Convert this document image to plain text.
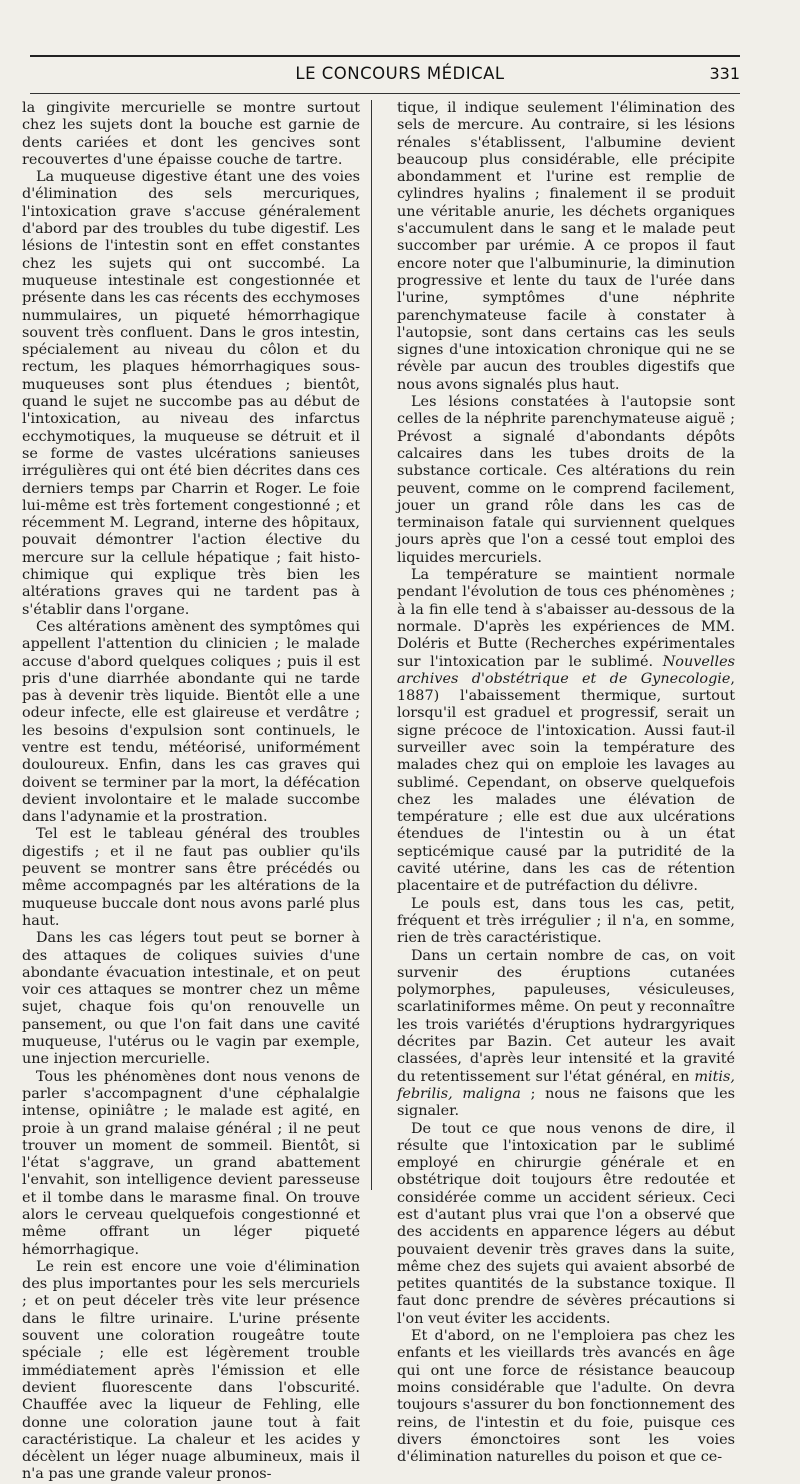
LE CONCOURS MÉDICAL	331

la gingivite mercurielle se montre surtout chez les sujets dont la bouche est garnie de dents cariées et dont les gencives sont recouvertes d'une épaisse couche de tartre.

La muqueuse digestive étant une des voies d'élimination des sels mercuriques, l'intoxication grave s'accuse généralement d'abord par des troubles du tube digestif. Les lésions de l'intestin sont en effet constantes chez les sujets qui ont succombé. La muqueuse intestinale est congestionnée et présente dans les cas récents des ecchymoses nummulaires, un piqueté hémorrhagique souvent très confluent. Dans le gros intestin, spécialement au niveau du côlon et du rectum, les plaques hémorrhagiques sous-muqueuses sont plus étendues ; bientôt, quand le sujet ne succombe pas au début de l'intoxication, au niveau des infarctus ecchymotiques, la muqueuse se détruit et il se forme de vastes ulcérations sanieuses irrégulières qui ont été bien décrites dans ces derniers temps par Charrin et Roger. Le foie lui-même est très fortement congestionné ; et récemment M. Legrand, interne des hôpitaux, pouvait démontrer l'action élective du mercure sur la cellule hépatique ; fait histo-chimique qui explique très bien les altérations graves qui ne tardent pas à s'établir dans l'organe.

Ces altérations amènent des symptômes qui appellent l'attention du clinicien ; le malade accuse d'abord quelques coliques ; puis il est pris d'une diarrhée abondante qui ne tarde pas à devenir très liquide. Bientôt elle a une odeur infecte, elle est glaireuse et verdâtre ; les besoins d'expulsion sont continuels, le ventre est tendu, météorisé, uniformément douloureux. Enfin, dans les cas graves qui doivent se terminer par la mort, la défécation devient involontaire et le malade succombe dans l'adynamie et la prostration.

Tel est le tableau général des troubles digestifs ; et il ne faut pas oublier qu'ils peuvent se montrer sans être précédés ou même accompagnés par les altérations de la muqueuse buccale dont nous avons parlé plus haut.

Dans les cas légers tout peut se borner à des attaques de coliques suivies d'une abondante évacuation intestinale, et on peut voir ces attaques se montrer chez un même sujet, chaque fois qu'on renouvelle un pansement, ou que l'on fait dans une cavité muqueuse, l'utérus ou le vagin par exemple, une injection mercurielle.

Tous les phénomènes dont nous venons de parler s'accompagnent d'une céphalalgie intense, opiniâtre ; le malade est agité, en proie à un grand malaise général ; il ne peut trouver un moment de sommeil. Bientôt, si l'état s'aggrave, un grand abattement l'envahit, son intelligence devient paresseuse et il tombe dans le marasme final. On trouve alors le cerveau quelquefois congestionné et même offrant un léger piqueté hémorrhagique.

Le rein est encore une voie d'élimination des plus importantes pour les sels mercuriels ; et on peut déceler très vite leur présence dans le filtre urinaire. L'urine présente souvent une coloration rougeâtre toute spéciale ; elle est légèrement trouble immédiatement après l'émission et elle devient fluorescente dans l'obscurité. Chauffée avec la liqueur de Fehling, elle donne une coloration jaune tout à fait caractéristique. La chaleur et les acides y décèlent un léger nuage albumineux, mais il n'a pas une grande valeur pronos-

tique, il indique seulement l'élimination des sels de mercure. Au contraire, si les lésions rénales s'établissent, l'albumine devient beaucoup plus considérable, elle précipite abondamment et l'urine est remplie de cylindres hyalins ; finalement il se produit une véritable anurie, les déchets organiques s'accumulent dans le sang et le malade peut succomber par urémie. A ce propos il faut encore noter que l'albuminurie, la diminution progressive et lente du taux de l'urée dans l'urine, symptômes d'une néphrite parenchymateuse facile à constater à l'autopsie, sont dans certains cas les seuls signes d'une intoxication chronique qui ne se révèle par aucun des troubles digestifs que nous avons signalés plus haut.

Les lésions constatées à l'autopsie sont celles de la néphrite parenchymateuse aiguë ; Prévost a signalé d'abondants dépôts calcaires dans les tubes droits de la substance corticale. Ces altérations du rein peuvent, comme on le comprend facilement, jouer un grand rôle dans les cas de terminaison fatale qui surviennent quelques jours après que l'on a cessé tout emploi des liquides mercuriels.

La température se maintient normale pendant l'évolution de tous ces phénomènes ; à la fin elle tend à s'abaisser au-dessous de la normale. D'après les expériences de MM. Doléris et Butte (Recherches expérimentales sur l'intoxication par le sublimé. Nouvelles archives d'obstétrique et de Gynecologie, 1887) l'abaissement thermique, surtout lorsqu'il est graduel et progressif, serait un signe précoce de l'intoxication. Aussi faut-il surveiller avec soin la température des malades chez qui on emploie les lavages au sublimé. Cependant, on observe quelquefois chez les malades une élévation de température ; elle est due aux ulcérations étendues de l'intestin ou à un état septicémique causé par la putridité de la cavité utérine, dans les cas de rétention placentaire et de putréfaction du délivre.

Le pouls est, dans tous les cas, petit, fréquent et très irrégulier ; il n'a, en somme, rien de très caractéristique.

Dans un certain nombre de cas, on voit survenir des éruptions cutanées polymorphes, papuleuses, vésiculeuses, scarlatiniformes même. On peut y reconnaître les trois variétés d'éruptions hydrargyriques décrites par Bazin. Cet auteur les avait classées, d'après leur intensité et la gravité du retentissement sur l'état général, en mitis, febrilis, maligna ; nous ne faisons que les signaler.

De tout ce que nous venons de dire, il résulte que l'intoxication par le sublimé employé en chirurgie générale et en obstétrique doit toujours être redoutée et considérée comme un accident sérieux. Ceci est d'autant plus vrai que l'on a observé que des accidents en apparence légers au début pouvaient devenir très graves dans la suite, même chez des sujets qui avaient absorbé de petites quantités de la substance toxique. Il faut donc prendre de sévères précautions si l'on veut éviter les accidents.

Et d'abord, on ne l'emploiera pas chez les enfants et les vieillards très avancés en âge qui ont une force de résistance beaucoup moins considérable que l'adulte. On devra toujours s'assurer du bon fonctionnement des reins, de l'intestin et du foie, puisque ces divers émonctoires sont les voies d'élimination naturelles du poison et que ce-
